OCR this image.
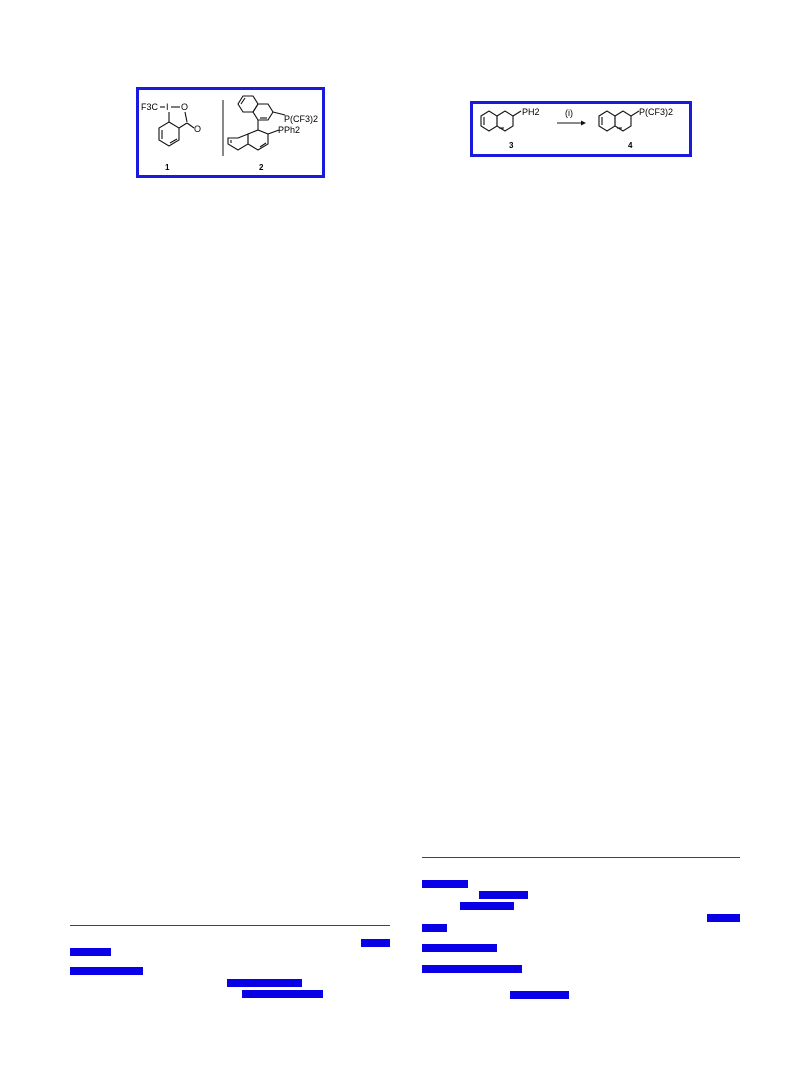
F3C I O
O
1
P(CF3)2
PPh2
2
PH2
3
(i)	P(CF3)2
4
